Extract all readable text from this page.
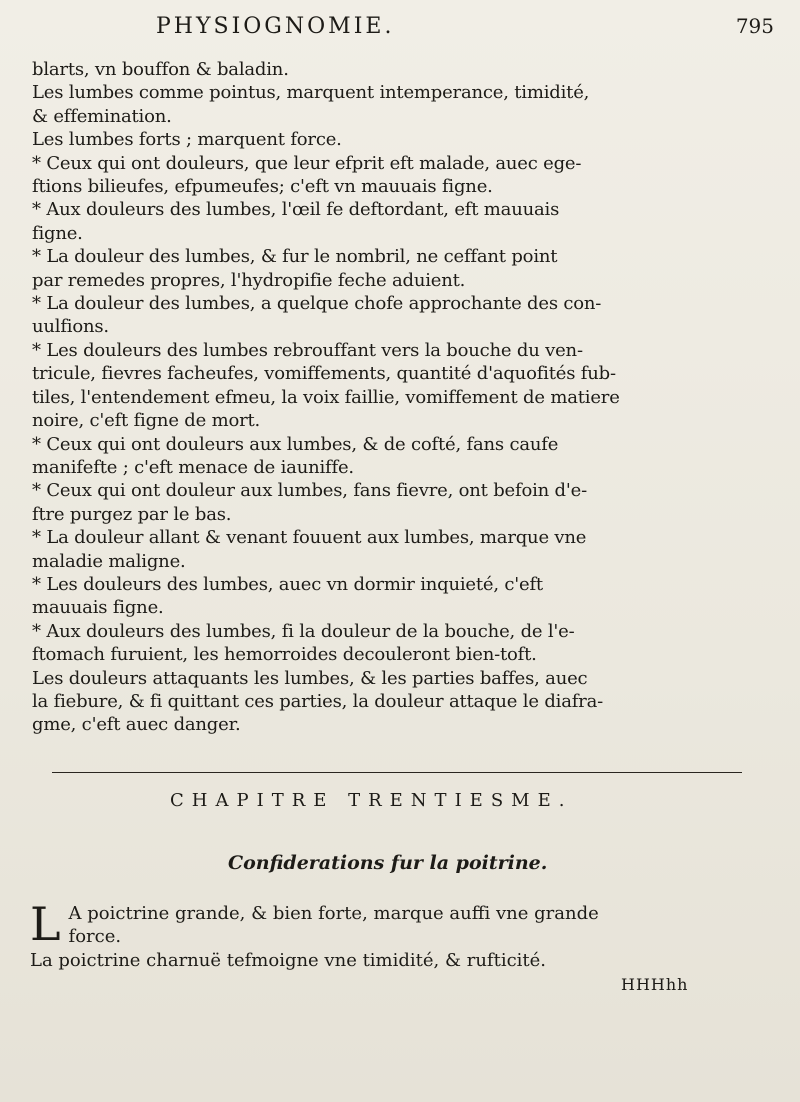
PHYSIOGNOMIE.	795

blarts, vn bouffon & baladin.

Les lumbes comme pointus, marquent intemperance, timidité,

& effemination.

Les lumbes forts ; marquent force.

* Ceux qui ont douleurs, que leur efprit eft malade, auec ege-

ftions bilieufes, efpumeufes; c'eft vn mauuais figne.

* Aux douleurs des lumbes, l'œil fe deftordant, eft mauuais

figne.

* La douleur des lumbes, & fur le nombril, ne ceffant point

par remedes propres, l'hydropifie feche aduient.

* La douleur des lumbes, a quelque chofe approchante des con-

uulfions.

* Les douleurs des lumbes rebrouffant vers la bouche du ven-

tricule, fievres facheufes, vomiffements, quantité d'aquofités fub-

tiles, l'entendement efmeu, la voix faillie, vomiffement de matiere

noire, c'eft figne de mort.

* Ceux qui ont douleurs aux lumbes, & de cofté, fans caufe

manifefte ; c'eft menace de iauniffe.

* Ceux qui ont douleur aux lumbes, fans fievre, ont befoin d'e-

ftre purgez par le bas.

* La douleur allant & venant fouuent aux lumbes, marque vne

maladie maligne.

* Les douleurs des lumbes, auec vn dormir inquieté, c'eft

mauuais figne.

* Aux douleurs des lumbes, fi la douleur de la bouche, de l'e-

ftomach furuient, les hemorroides decouleront bien-toft.

Les douleurs attaquants les lumbes, & les parties baffes, auec

la fiebure, & fi quittant ces parties, la douleur attaque le diafra-

gme, c'eft auec danger.

CHAPITRE TRENTIESME.
Confiderations fur la poitrine.
L A poictrine grande, & bien forte, marque auffi vne grande

force.

La poictrine charnuë tefmoigne vne timidité, & rufticité.

HHHhh
